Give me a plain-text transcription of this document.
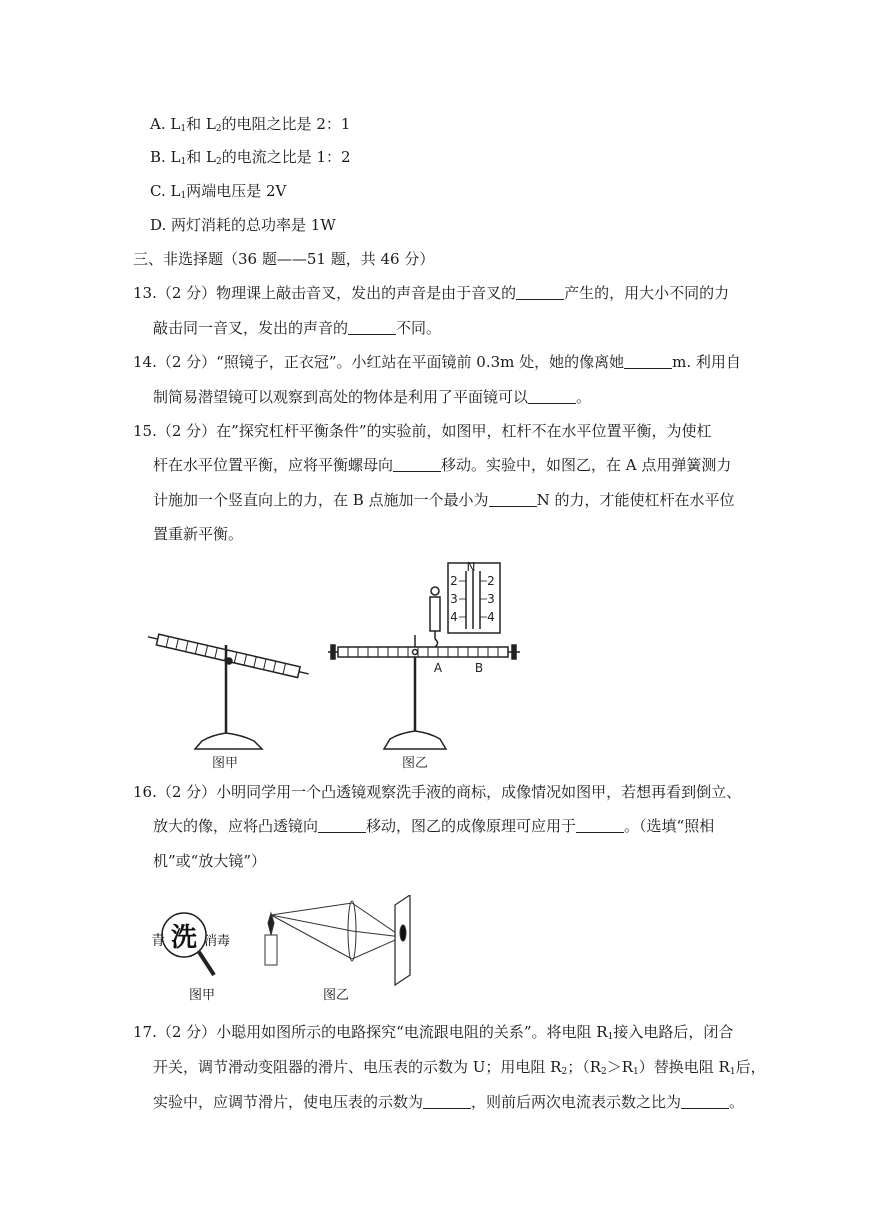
A. $L_1$和 $L_2$的电阻之比是 2：1
B. $L_1$和 $L_2$的电流之比是 1：2
C. $L_1$两端电压是 2V
D. 两灯消耗的总功率是 1W
三、非选择题（36 题——51 题，共 46 分）
13.（2 分）物理课上敲击音叉，发出的声音是由于音叉的	产生的，用大小不同的力
敲击同一音叉，发出的声音的	不同。
14.（2 分）“照镜子，正衣冠”。小红站在平面镜前 0.3m 处，她的像离她	m. 利用自
制简易潜望镜可以观察到高处的物体是利用了平面镜可以	。
15.（2 分）在”探究杠杆平衡条件”的实验前，如图甲，杠杆不在水平位置平衡，为使杠
杆在水平位置平衡，应将平衡螺母向	移动。实验中，如图乙，在 A 点用弹簧测力
计施加一个竖直向上的力，在 B 点施加一个最小为	N 的力，才能使杠杆在水平位
置重新平衡。
N
2 2
3 3
4 4
A	B
图甲	图乙
16.（2 分）小明同学用一个凸透镜观察洗手液的商标，成像情况如图甲，若想再看到倒立、
放大的像，应将凸透镜向	移动，图乙的成像原理可应用于	。（选填“照相
机”或“放大镜”）
青 洗 消毒
图甲	图乙
17.（2 分）小聪用如图所示的电路探究“电流跟电阻的关系”。将电阻 $R_1$接入电路后，闭合
开关，调节滑动变阻器的滑片、电压表的示数为 U；用电阻 $R_2$；$(R_2>R_1)$替换电阻 $R_1$后，
实验中，应调节滑片，使电压表的示数为	，则前后两次电流表示数之比为	。
